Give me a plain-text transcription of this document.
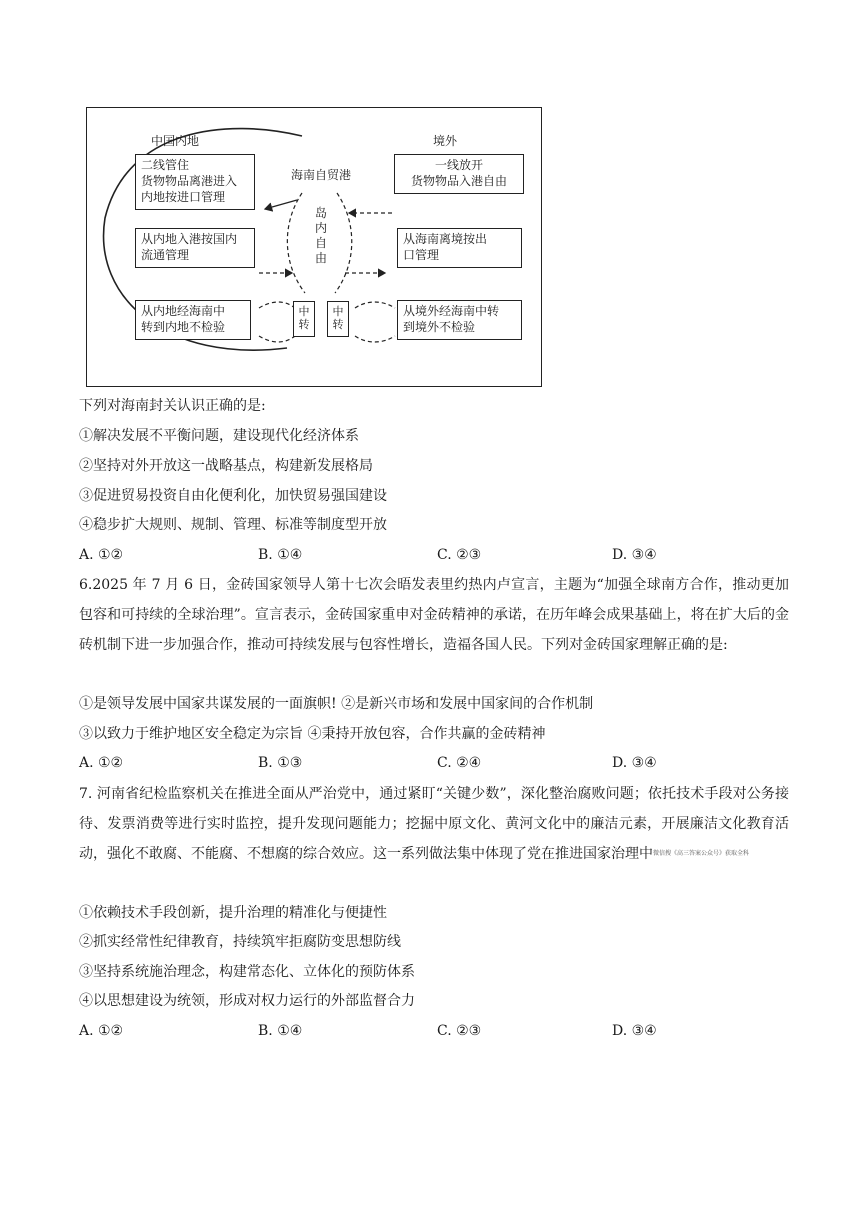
中国内地	境外
海南自贸港
岛内自由
二线管住
货物物品离港进入
内地按进口管理
一线放开
货物物品入港自由
从内地入港按国内
流通管理
从海南离境按出
口管理
从内地经海南中
转到内地不检验
从境外经海南中转
到境外不检验
中转
中转
下列对海南封关认识正确的是:
①解决发展不平衡问题，建设现代化经济体系
②坚持对外开放这一战略基点，构建新发展格局
③促进贸易投资自由化便利化，加快贸易强国建设
④稳步扩大规则、规制、管理、标准等制度型开放
A. ①②	B. ①④	C. ②③	D. ③④
6.2025 年 7 月 6 日，金砖国家领导人第十七次会晤发表里约热内卢宣言，主题为“加强全球南方合作，推动更加包容和可持续的全球治理”。宣言表示，金砖国家重申对金砖精神的承诺，在历年峰会成果基础上，将在扩大后的金砖机制下进一步加强合作，推动可持续发展与包容性增长，造福各国人民。下列对金砖国家理解正确的是:
①是领导发展中国家共谋发展的一面旗帜! ②是新兴市场和发展中国家间的合作机制
③以致力于维护地区安全稳定为宗旨 ④秉持开放包容，合作共赢的金砖精神
A. ①②	B. ①③	C. ②④	D. ③④
7. 河南省纪检监察机关在推进全面从严治党中，通过紧盯“关键少数”，深化整治腐败问题；依托技术手段对公务接待、发票消费等进行实时监控，提升发现问题能力；挖掘中原文化、黄河文化中的廉洁元素，开展廉洁文化教育活动，强化不敢腐、不能腐、不想腐的综合效应。这一系列做法集中体现了党在推进国家治理中$^{微信搜《高三答案公众号》获取全科}$
①依赖技术手段创新，提升治理的精准化与便捷性
②抓实经常性纪律教育，持续筑牢拒腐防变思想防线
③坚持系统施治理念，构建常态化、立体化的预防体系
④以思想建设为统领，形成对权力运行的外部监督合力
A. ①②	B. ①④	C. ②③	D. ③④
